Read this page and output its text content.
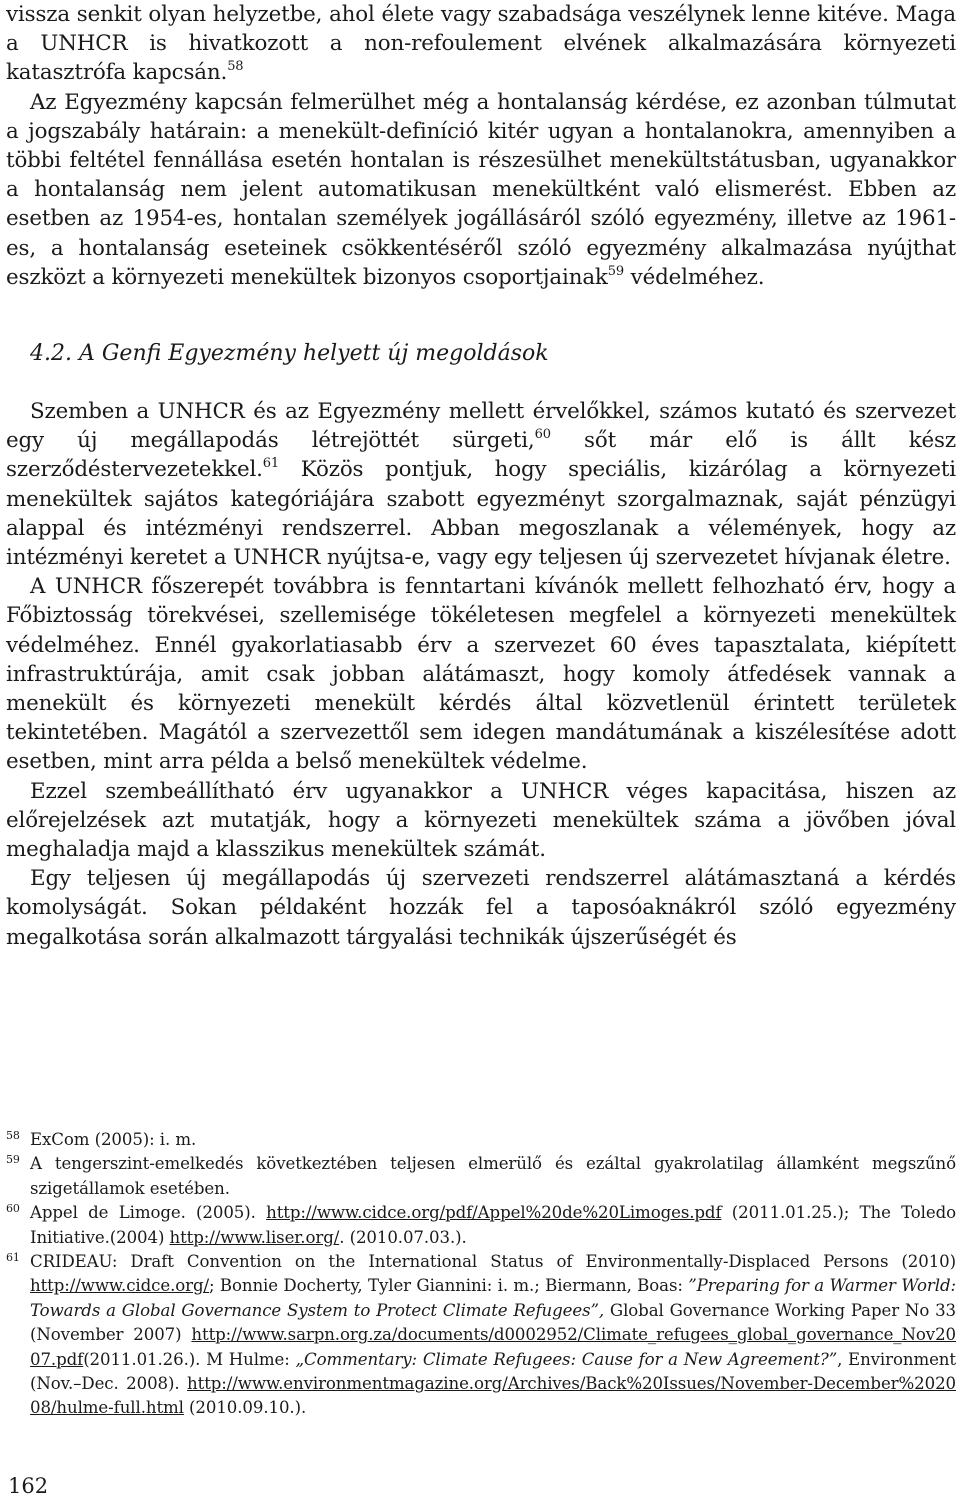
vissza senkit olyan helyzetbe, ahol élete vagy szabadsága veszélynek lenne kitéve. Maga a UNHCR is hivatkozott a non-refoulement elvének alkalmazására környezeti katasztrófa kapcsán.$^{58}$

Az Egyezmény kapcsán felmerülhet még a hontalanság kérdése, ez azonban túlmutat a jogszabály határain: a menekült-definíció kitér ugyan a hontalanokra, amennyiben a többi feltétel fennállása esetén hontalan is részesülhet menekültstátusban, ugyanakkor a hontalanság nem jelent automatikusan menekültként való elismerést. Ebben az esetben az 1954-es, hontalan személyek jogállásáról szóló egyezmény, illetve az 1961-es, a hontalanság eseteinek csökkentéséről szóló egyezmény alkalmazása nyújthat eszközt a környezeti menekültek bizonyos csoportjainak$^{59}$ védelméhez.

4.2. A Genfi Egyezmény helyett új megoldások

Szemben a UNHCR és az Egyezmény mellett érvelőkkel, számos kutató és szervezet egy új megállapodás létrejöttét sürgeti,$^{60}$ sőt már elő is állt kész szerződéstervezetekkel.$^{61}$ Közös pontjuk, hogy speciális, kizárólag a környezeti menekültek sajátos kategóriájára szabott egyezményt szorgalmaznak, saját pénzügyi alappal és intézményi rendszerrel. Abban megoszlanak a vélemények, hogy az intézményi keretet a UNHCR nyújtsa-e, vagy egy teljesen új szervezetet hívjanak életre.

A UNHCR főszerepét továbbra is fenntartani kívánók mellett felhozható érv, hogy a Főbiztosság törekvései, szellemisége tökéletesen megfelel a környezeti menekültek védelméhez. Ennél gyakorlatiasabb érv a szervezet 60 éves tapasztalata, kiépített infrastruktúrája, amit csak jobban alátámaszt, hogy komoly átfedések vannak a menekült és környezeti menekült kérdés által közvetlenül érintett területek tekintetében. Magától a szervezettől sem idegen mandátumának a kiszélesítése adott esetben, mint arra példa a belső menekültek védelme.

Ezzel szembeállítható érv ugyanakkor a UNHCR véges kapacitása, hiszen az előrejelzések azt mutatják, hogy a környezeti menekültek száma a jövőben jóval meghaladja majd a klasszikus menekültek számát.

Egy teljesen új megállapodás új szervezeti rendszerrel alátámasztaná a kérdés komolyságát. Sokan példaként hozzák fel a taposóaknákról szóló egyezmény megalkotása során alkalmazott tárgyalási technikák újszerűségét és

58 ExCom (2005): i. m.
59 A tengerszint-emelkedés következtében teljesen elmerülő és ezáltal gyakrolatilag államként megszűnő szigetállamok esetében.
60 Appel de Limoge. (2005). http://www.cidce.org/pdf/Appel%20de%20Limoges.pdf (2011.01.25.); The Toledo Initiative.(2004) http://www.liser.org/. (2010.07.03.).
61 CRIDEAU: Draft Convention on the International Status of Environmentally-Displaced Persons (2010) http://www.cidce.org/; Bonnie Docherty, Tyler Giannini: i. m.; Biermann, Boas: ”Preparing for a Warmer World: Towards a Global Governance System to Protect Climate Refugees”, Global Governance Working Paper No 33 (November 2007) http://www.sarpn.org.za/documents/d0002952/Climate_refugees_global_governance_Nov2007.pdf(2011.01.26.). M Hulme: „Commentary: Climate Refugees: Cause for a New Agreement?”, Environment (Nov.–Dec. 2008). http://www.environmentmagazine.org/Archives/Back%20Issues/November-December%202008/hulme-full.html (2010.09.10.).
162
